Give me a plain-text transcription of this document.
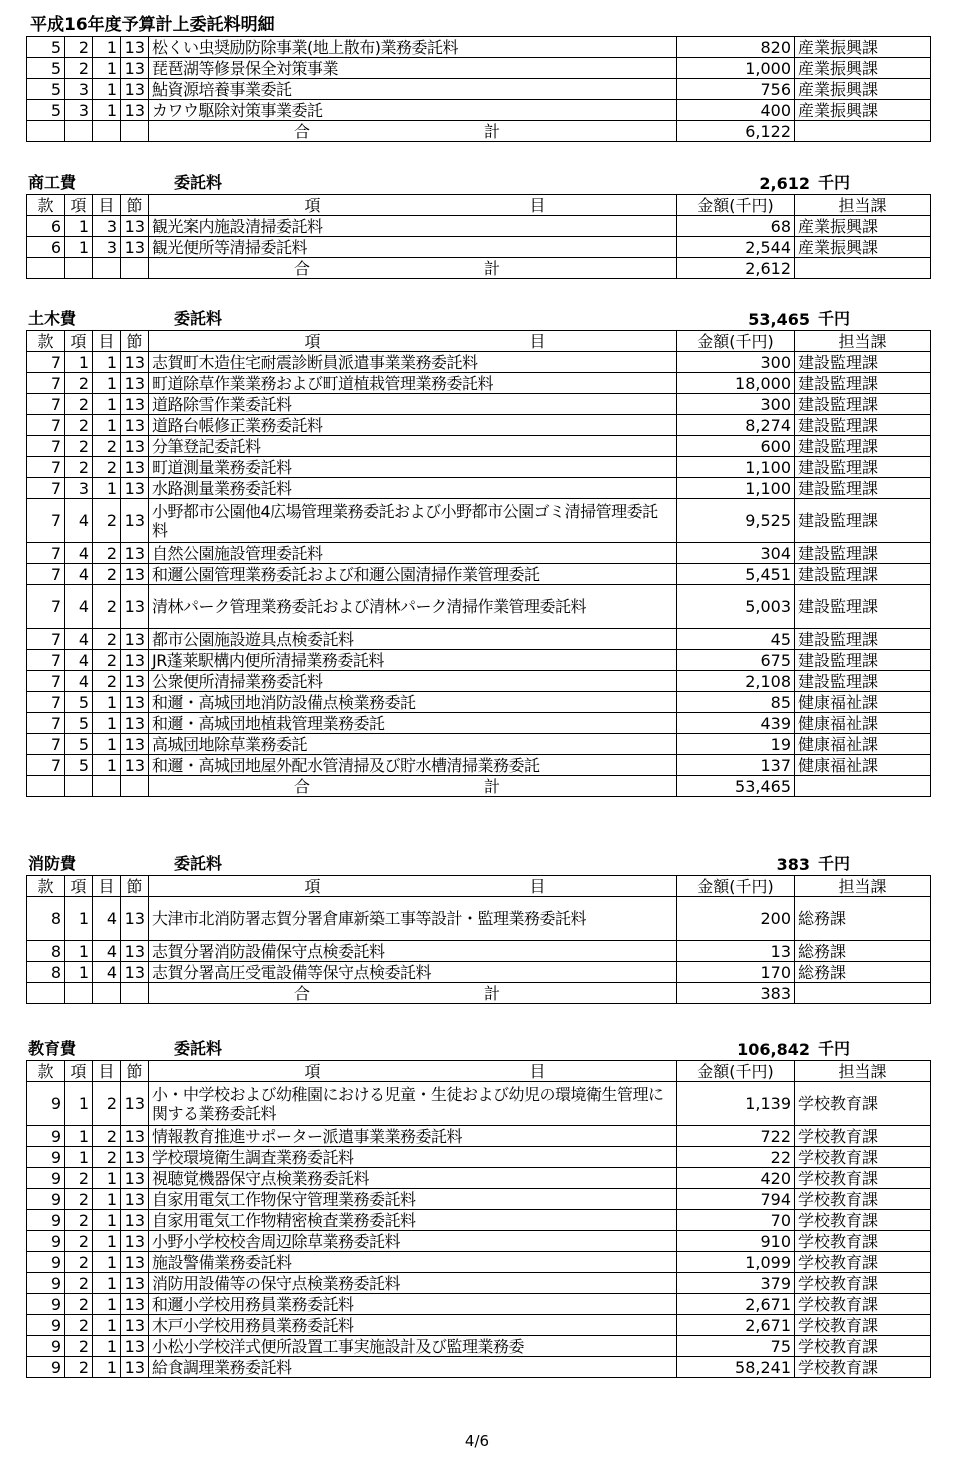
平成16年度予算計上委託料明細
5	2	1	13	松くい虫奨励防除事業(地上散布)業務委託料	820	産業振興課
5	2	1	13	琵琶湖等修景保全対策事業	1,000	産業振興課
5	3	1	13	鮎資源培養事業委託	756	産業振興課
5	3	1	13	カワウ駆除対策事業委託	400	産業振興課
				合 計	6,122	
商工費	委託料	2,612 千円
款	項	目	節	項 目	金額(千円)	担当課
6	1	3	13	観光案内施設清掃委託料	68	産業振興課
6	1	3	13	観光便所等清掃委託料	2,544	産業振興課
				合 計	2,612	
土木費	委託料	53,465 千円
款	項	目	節	項 目	金額(千円)	担当課
7	1	1	13	志賀町木造住宅耐震診断員派遣事業業務委託料	300	建設監理課
7	2	1	13	町道除草作業業務および町道植栽管理業務委託料	18,000	建設監理課
7	2	1	13	道路除雪作業委託料	300	建設監理課
7	2	1	13	道路台帳修正業務委託料	8,274	建設監理課
7	2	2	13	分筆登記委託料	600	建設監理課
7	2	2	13	町道測量業務委託料	1,100	建設監理課
7	3	1	13	水路測量業務委託料	1,100	建設監理課
7	4	2	13	小野都市公園他4広場管理業務委託および小野都市公園ゴミ清掃管理委託料	9,525	建設監理課
7	4	2	13	自然公園施設管理委託料	304	建設監理課
7	4	2	13	和邇公園管理業務委託および和邇公園清掃作業管理委託	5,451	建設監理課
7	4	2	13	清林パーク管理業務委託および清林パーク清掃作業管理委託料	5,003	建設監理課
7	4	2	13	都市公園施設遊具点検委託料	45	建設監理課
7	4	2	13	JR蓬莱駅構内便所清掃業務委託料	675	建設監理課
7	4	2	13	公衆便所清掃業務委託料	2,108	建設監理課
7	5	1	13	和邇・高城団地消防設備点検業務委託	85	健康福祉課
7	5	1	13	和邇・高城団地植栽管理業務委託	439	健康福祉課
7	5	1	13	高城団地除草業務委託	19	健康福祉課
7	5	1	13	和邇・高城団地屋外配水管清掃及び貯水槽清掃業務委託	137	健康福祉課
				合 計	53,465	
消防費	委託料	383 千円
款	項	目	節	項 目	金額(千円)	担当課
8	1	4	13	大津市北消防署志賀分署倉庫新築工事等設計・監理業務委託料	200	総務課
8	1	4	13	志賀分署消防設備保守点検委託料	13	総務課
8	1	4	13	志賀分署高圧受電設備等保守点検委託料	170	総務課
				合 計	383	
教育費	委託料	106,842 千円
款	項	目	節	項 目	金額(千円)	担当課
9	1	2	13	小・中学校および幼稚園における児童・生徒および幼児の環境衛生管理に関する業務委託料	1,139	学校教育課
9	1	2	13	情報教育推進サポーター派遣事業業務委託料	722	学校教育課
9	1	2	13	学校環境衛生調査業務委託料	22	学校教育課
9	2	1	13	視聴覚機器保守点検業務委託料	420	学校教育課
9	2	1	13	自家用電気工作物保守管理業務委託料	794	学校教育課
9	2	1	13	自家用電気工作物精密検査業務委託料	70	学校教育課
9	2	1	13	小野小学校校舎周辺除草業務委託料	910	学校教育課
9	2	1	13	施設警備業務委託料	1,099	学校教育課
9	2	1	13	消防用設備等の保守点検業務委託料	379	学校教育課
9	2	1	13	和邇小学校用務員業務委託料	2,671	学校教育課
9	2	1	13	木戸小学校用務員業務委託料	2,671	学校教育課
9	2	1	13	小松小学校洋式便所設置工事実施設計及び監理業務委	75	学校教育課
9	2	1	13	給食調理業務委託料	58,241	学校教育課
4/6
